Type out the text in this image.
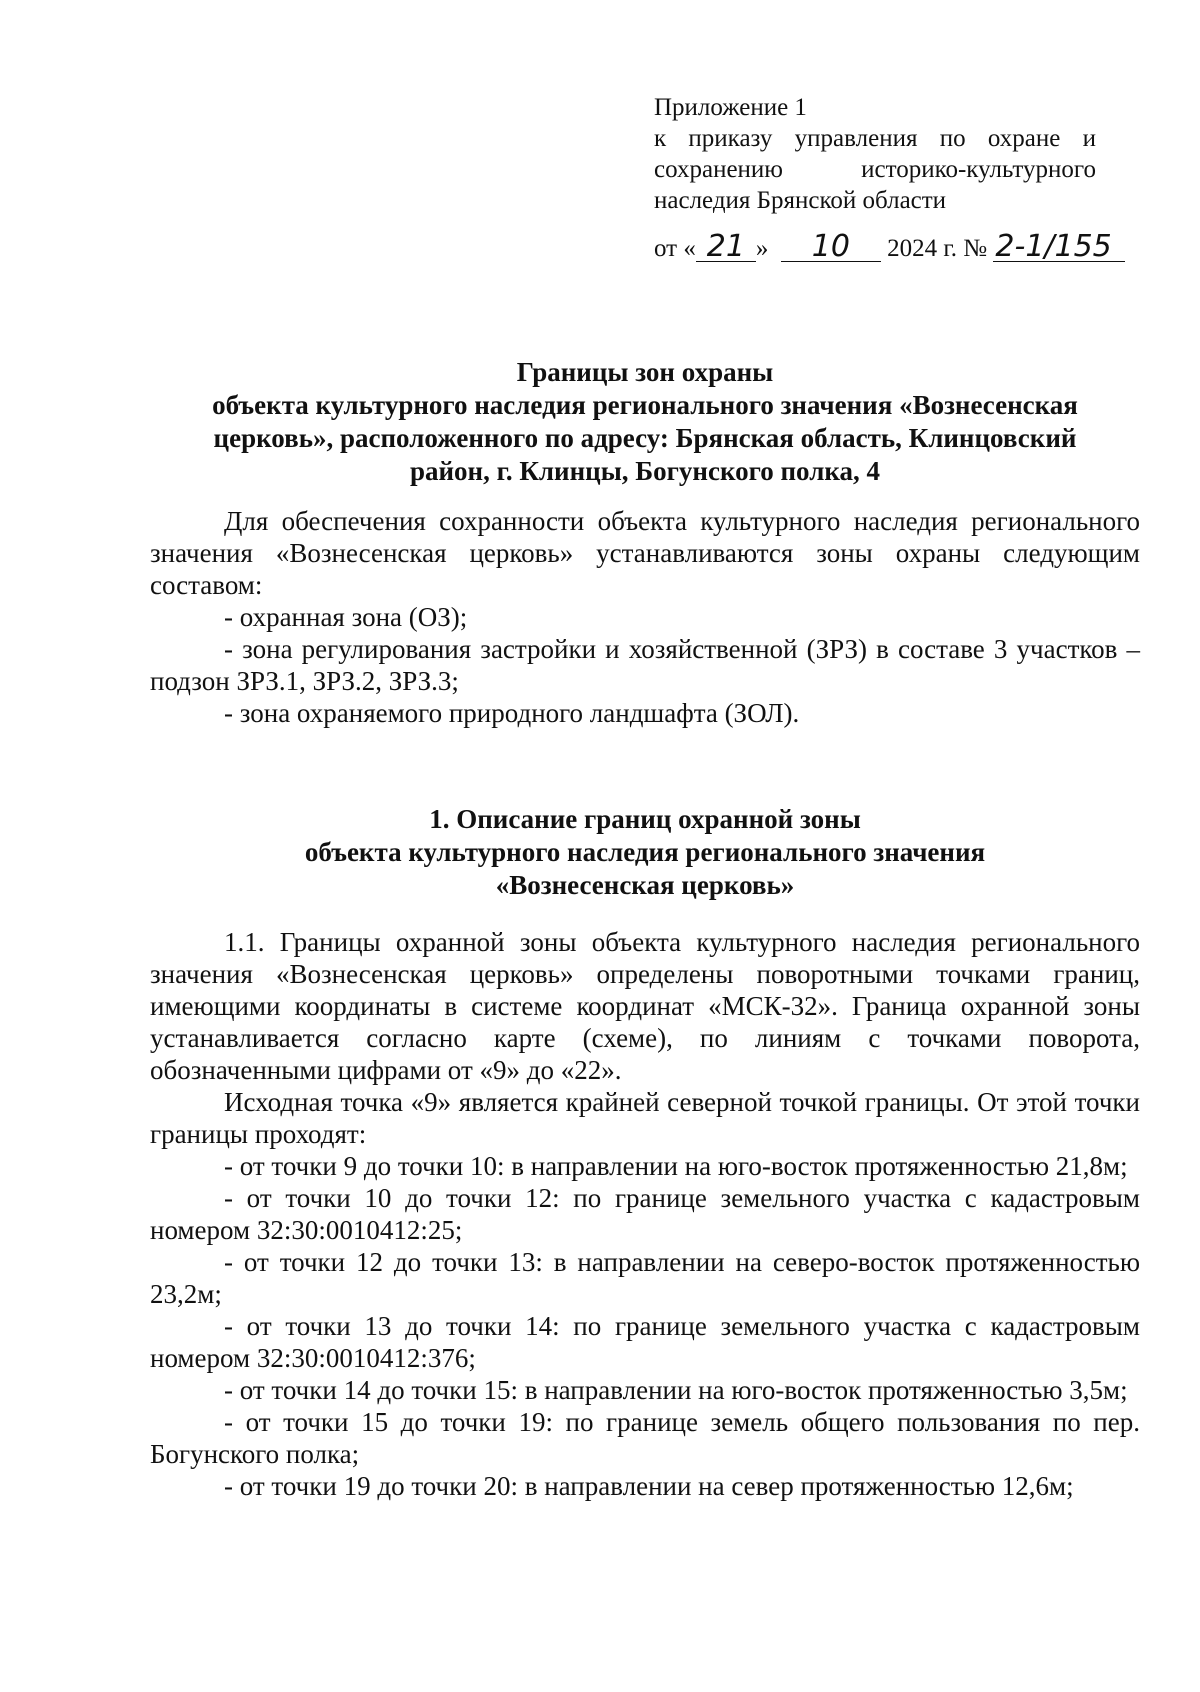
Приложение 1
к приказу управления по охране и
сохранению историко-культурного
наследия Брянской области
от « 21 » 10 2024 г. № 2-1/155
Границы зон охраны
объекта культурного наследия регионального значения «Вознесенская
церковь», расположенного по адресу: Брянская область, Клинцовский
район, г. Клинцы, Богунского полка, 4

Для обеспечения сохранности объекта культурного наследия регионального значения «Вознесенская церковь» устанавливаются зоны охраны следующим составом:

- охранная зона (ОЗ);

- зона регулирования застройки и хозяйственной (ЗРЗ) в составе 3 участков – подзон ЗРЗ.1, ЗРЗ.2, ЗРЗ.3;

- зона охраняемого природного ландшафта (ЗОЛ).

1. Описание границ охранной зоны
объекта культурного наследия регионального значения
«Вознесенская церковь»

1.1. Границы охранной зоны объекта культурного наследия регионального значения «Вознесенская церковь» определены поворотными точками границ, имеющими координаты в системе координат «МСК-32». Граница охранной зоны устанавливается согласно карте (схеме), по линиям с точками поворота, обозначенными цифрами от «9» до «22».

Исходная точка «9» является крайней северной точкой границы. От этой точки границы проходят:

- от точки 9 до точки 10: в направлении на юго-восток протяженностью 21,8м;

- от точки 10 до точки 12: по границе земельного участка с кадастровым номером 32:30:0010412:25;

- от точки 12 до точки 13: в направлении на северо-восток протяженностью 23,2м;

- от точки 13 до точки 14: по границе земельного участка с кадастровым номером 32:30:0010412:376;

- от точки 14 до точки 15: в направлении на юго-восток протяженностью 3,5м;

- от точки 15 до точки 19: по границе земель общего пользования по пер. Богунского полка;

- от точки 19 до точки 20: в направлении на север протяженностью 12,6м;
